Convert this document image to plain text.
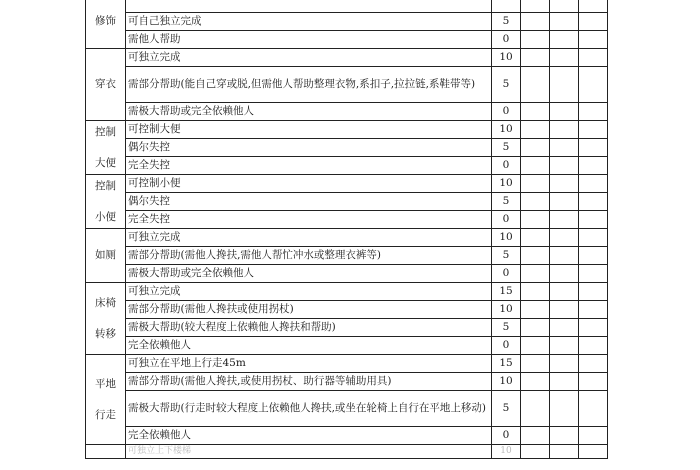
修饰					

	可自己独立完成	5			
	需他人帮助	0			

穿衣	可独立完成	10			
	需部分帮助(能自己穿或脱,但需他人帮助整理衣物,系扣子,拉拉链,系鞋带等)	5			
	需极大帮助或完全依赖他人	0			

控制
大便	可控制大便	10			
	偶尔失控	5			
	完全失控	0			

控制
小便	可控制小便	10			
	偶尔失控	5			
	完全失控	0			

如厕	可独立完成	10			
	需部分帮助(需他人搀扶,需他人帮忙冲水或整理衣裤等)	5			
	需极大帮助或完全依赖他人	0			

床椅
转移	可独立完成	15			
	需部分帮助(需他人搀扶或使用拐杖)	10			
	需极大帮助(较大程度上依赖他人搀扶和帮助)	5			
	完全依赖他人	0			

平地
行走	可独立在平地上行走45m	15			
	需部分帮助(需他人搀扶,或使用拐杖、助行器等辅助用具)	10			
	需极大帮助(行走时较大程度上依赖他人搀扶,或坐在轮椅上自行在平地上移动)	5			
	完全依赖他人	0			
	可独立上下楼梯	10			
